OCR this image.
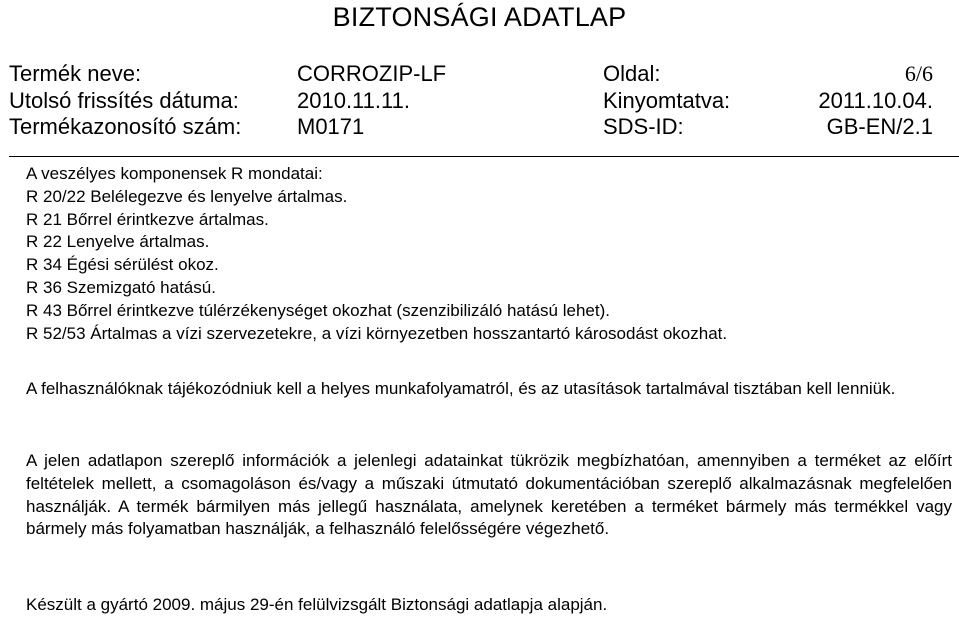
BIZTONSÁGI ADATLAP
Termék neve:	CORROZIP-LF	Oldal:	6/6
Utolsó frissítés dátuma:	2010.11.11.	Kinyomtatva:	2011.10.04.
Termékazonosító szám:	M0171	SDS-ID:	GB-EN/2.1
A veszélyes komponensek R mondatai:
R 20/22 Belélegezve és lenyelve ártalmas.
R 21 Bőrrel érintkezve ártalmas.
R 22 Lenyelve ártalmas.
R 34 Égési sérülést okoz.
R 36 Szemizgató hatású.
R 43 Bőrrel érintkezve túlérzékenységet okozhat (szenzibilizáló hatású lehet).
R 52/53 Ártalmas a vízi szervezetekre, a vízi környezetben hosszantartó károsodást okozhat.
A felhasználóknak tájékozódniuk kell a helyes munkafolyamatról, és az utasítások tartalmával tisztában kell lenniük.
A jelen adatlapon szereplő információk a jelenlegi adatainkat tükrözik megbízhatóan, amennyiben a terméket az előírt feltételek mellett, a csomagoláson és/vagy a műszaki útmutató dokumentációban szereplő alkalmazásnak megfelelően használják. A termék bármilyen más jellegű használata, amelynek keretében a terméket bármely más termékkel vagy bármely más folyamatban használják, a felhasználó felelősségére végezhető.
Készült a gyártó 2009. május 29-én felülvizsgált Biztonsági adatlapja alapján.
